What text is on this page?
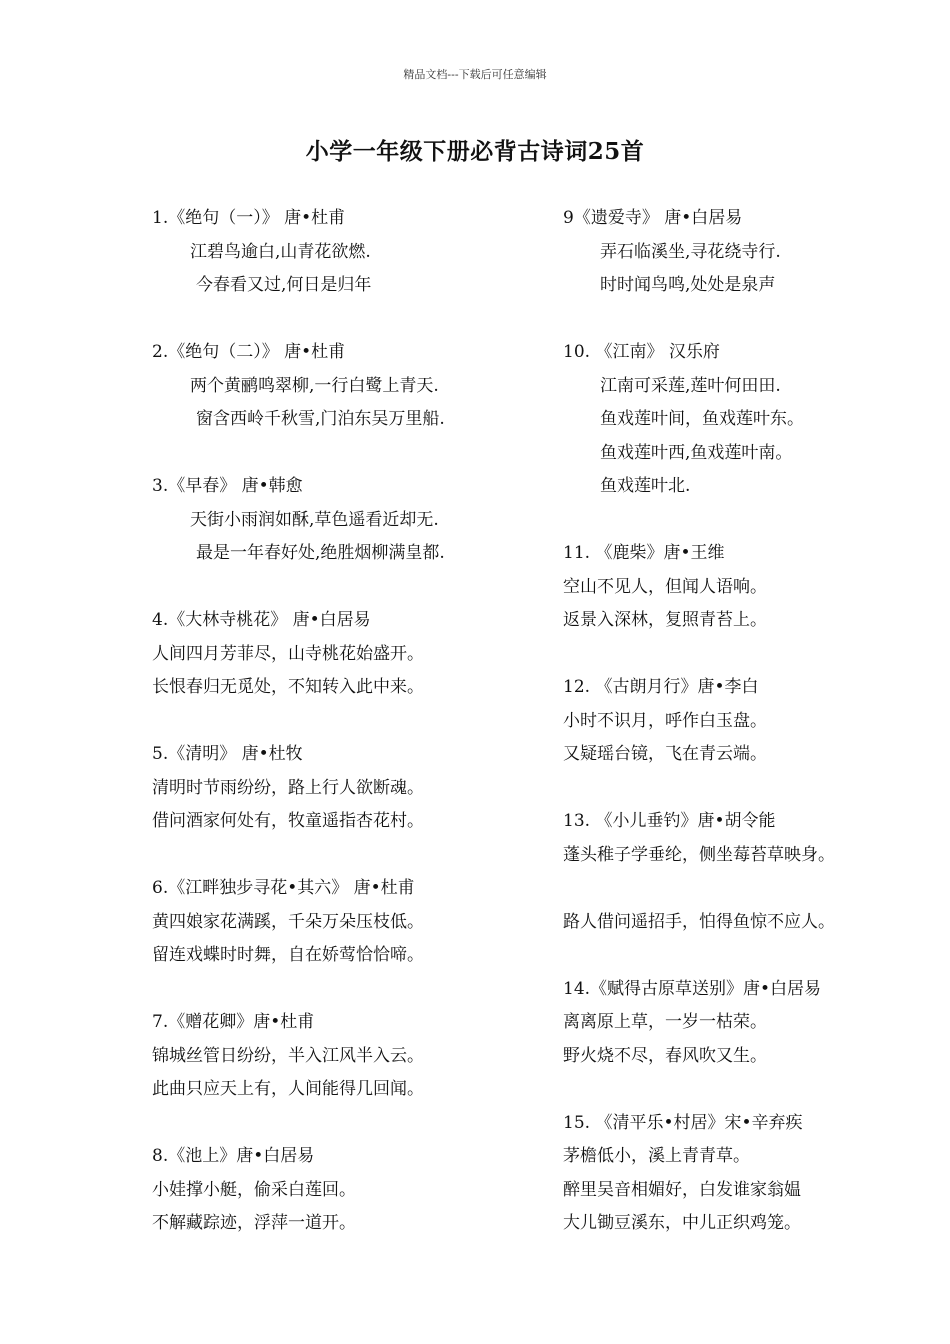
精品文档---下载后可任意编辑
小学一年级下册必背古诗词25首
1.《绝句（一）》 唐•杜甫
江碧鸟逾白,山青花欲燃.
今春看又过,何日是归年
2.《绝句（二）》 唐•杜甫
两个黄鹂鸣翠柳,一行白鹭上青天.
窗含西岭千秋雪,门泊东吴万里船.
3.《早春》 唐•韩愈
天街小雨润如酥,草色遥看近却无.
最是一年春好处,绝胜烟柳满皇都.
4.《大林寺桃花》 唐•白居易
人间四月芳菲尽，山寺桃花始盛开。
长恨春归无觅处，不知转入此中来。
5.《清明》 唐•杜牧
清明时节雨纷纷，路上行人欲断魂。
借问酒家何处有，牧童遥指杏花村。
6.《江畔独步寻花•其六》 唐•杜甫
黄四娘家花满蹊，千朵万朵压枝低。
留连戏蝶时时舞，自在娇莺恰恰啼。
7.《赠花卿》唐•杜甫
锦城丝管日纷纷，半入江风半入云。
此曲只应天上有，人间能得几回闻。
8.《池上》唐•白居易
小娃撑小艇，偷采白莲回。
不解藏踪迹，浮萍一道开。
9《遗爱寺》 唐•白居易
弄石临溪坐,寻花绕寺行.
时时闻鸟鸣,处处是泉声
10. 《江南》 汉乐府
江南可采莲,莲叶何田田.
鱼戏莲叶间，鱼戏莲叶东。
鱼戏莲叶西,鱼戏莲叶南。
鱼戏莲叶北.
11. 《鹿柴》唐•王维
空山不见人，但闻人语响。
返景入深林，复照青苔上。
12. 《古朗月行》唐•李白
小时不识月，呼作白玉盘。
又疑瑶台镜，飞在青云端。
13. 《小儿垂钓》唐•胡令能
蓬头稚子学垂纶，侧坐莓苔草映身。
路人借问遥招手，怕得鱼惊不应人。
14.《赋得古原草送别》唐•白居易
离离原上草，一岁一枯荣。
野火烧不尽，春风吹又生。
15. 《清平乐•村居》宋•辛弃疾
茅檐低小，溪上青青草。
醉里吴音相媚好，白发谁家翁媪
大儿锄豆溪东，中儿正织鸡笼。
